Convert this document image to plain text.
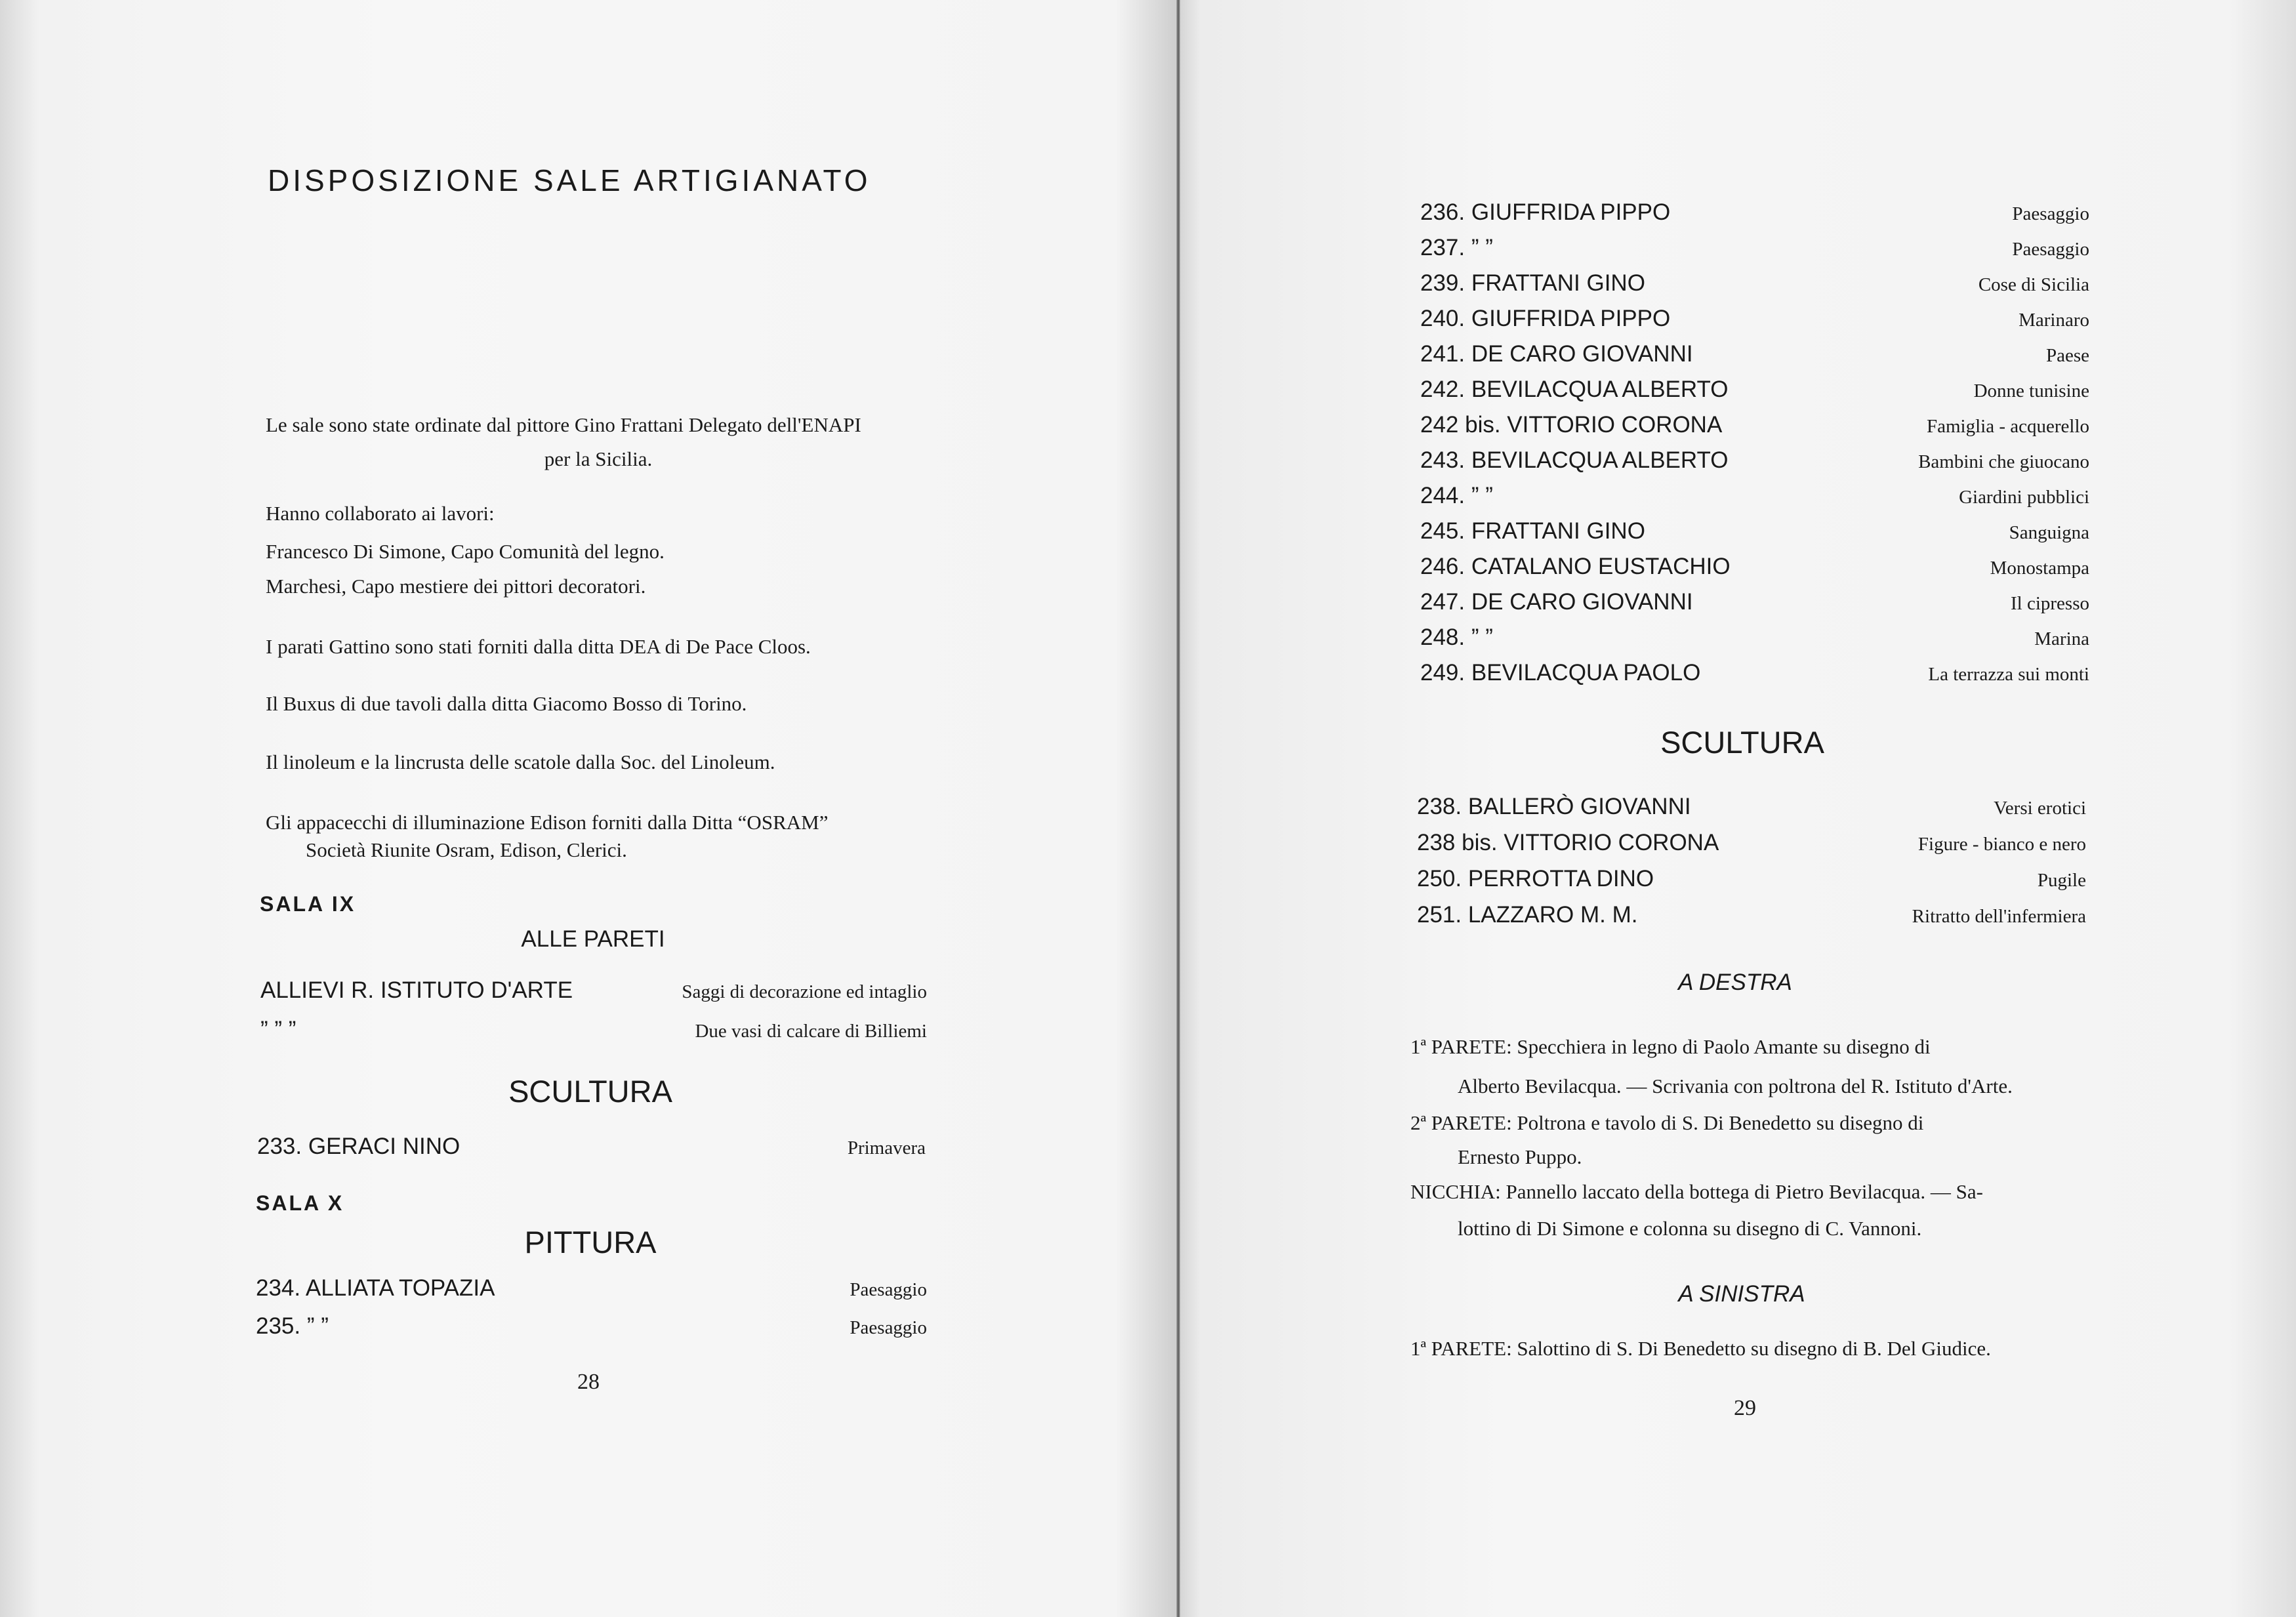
DISPOSIZIONE SALE ARTIGIANATO
Le sale sono state ordinate dal pittore Gino Frattani Delegato dell'ENAPI
per la Sicilia.
Hanno collaborato ai lavori:
Francesco Di Simone, Capo Comunità del legno.
Marchesi, Capo mestiere dei pittori decoratori.
I parati Gattino sono stati forniti dalla ditta DEA di De Pace Cloos.
Il Buxus di due tavoli dalla ditta Giacomo Bosso di Torino.
Il linoleum e la lincrusta delle scatole dalla Soc. del Linoleum.
Gli appacecchi di illuminazione Edison forniti dalla Ditta “OSRAM”
Società Riunite Osram, Edison, Clerici.
SALA IX
ALLE PARETI
SCULTURA
SALA X
PITTURA
28
ALLIEVI R. ISTITUTO D'ARTE	Saggi di decorazione ed intaglio
” ” ”	Due vasi di calcare di Billiemi
233. GERACI NINO	Primavera
234. ALLIATA TOPAZIA	Paesaggio
235. ” ”	Paesaggio
SCULTURA
A DESTRA
A SINISTRA
1ª PARETE: Salottino di S. Di Benedetto su disegno di B. Del Giudice.
29
236. GIUFFRIDA PIPPO	Paesaggio
237. ” ”	Paesaggio
239. FRATTANI GINO	Cose di Sicilia
240. GIUFFRIDA PIPPO	Marinaro
241. DE CARO GIOVANNI	Paese
242. BEVILACQUA ALBERTO	Donne tunisine
242 bis. VITTORIO CORONA	Famiglia - acquerello
243. BEVILACQUA ALBERTO	Bambini che giuocano
244. ” ”	Giardini pubblici
245. FRATTANI GINO	Sanguigna
246. CATALANO EUSTACHIO	Monostampa
247. DE CARO GIOVANNI	Il cipresso
248. ” ”	Marina
249. BEVILACQUA PAOLO	La terrazza sui monti
238. BALLERÒ GIOVANNI	Versi erotici
238 bis. VITTORIO CORONA	Figure - bianco e nero
250. PERROTTA DINO	Pugile
251. LAZZARO M. M.	Ritratto dell'infermiera
1ª PARETE: Specchiera in legno di Paolo Amante su disegno di
Alberto Bevilacqua. — Scrivania con poltrona del R. Istituto d'Arte.
2ª PARETE: Poltrona e tavolo di S. Di Benedetto su disegno di
Ernesto Puppo.
NICCHIA: Pannello laccato della bottega di Pietro Bevilacqua. — Sa-
lottino di Di Simone e colonna su disegno di C. Vannoni.
